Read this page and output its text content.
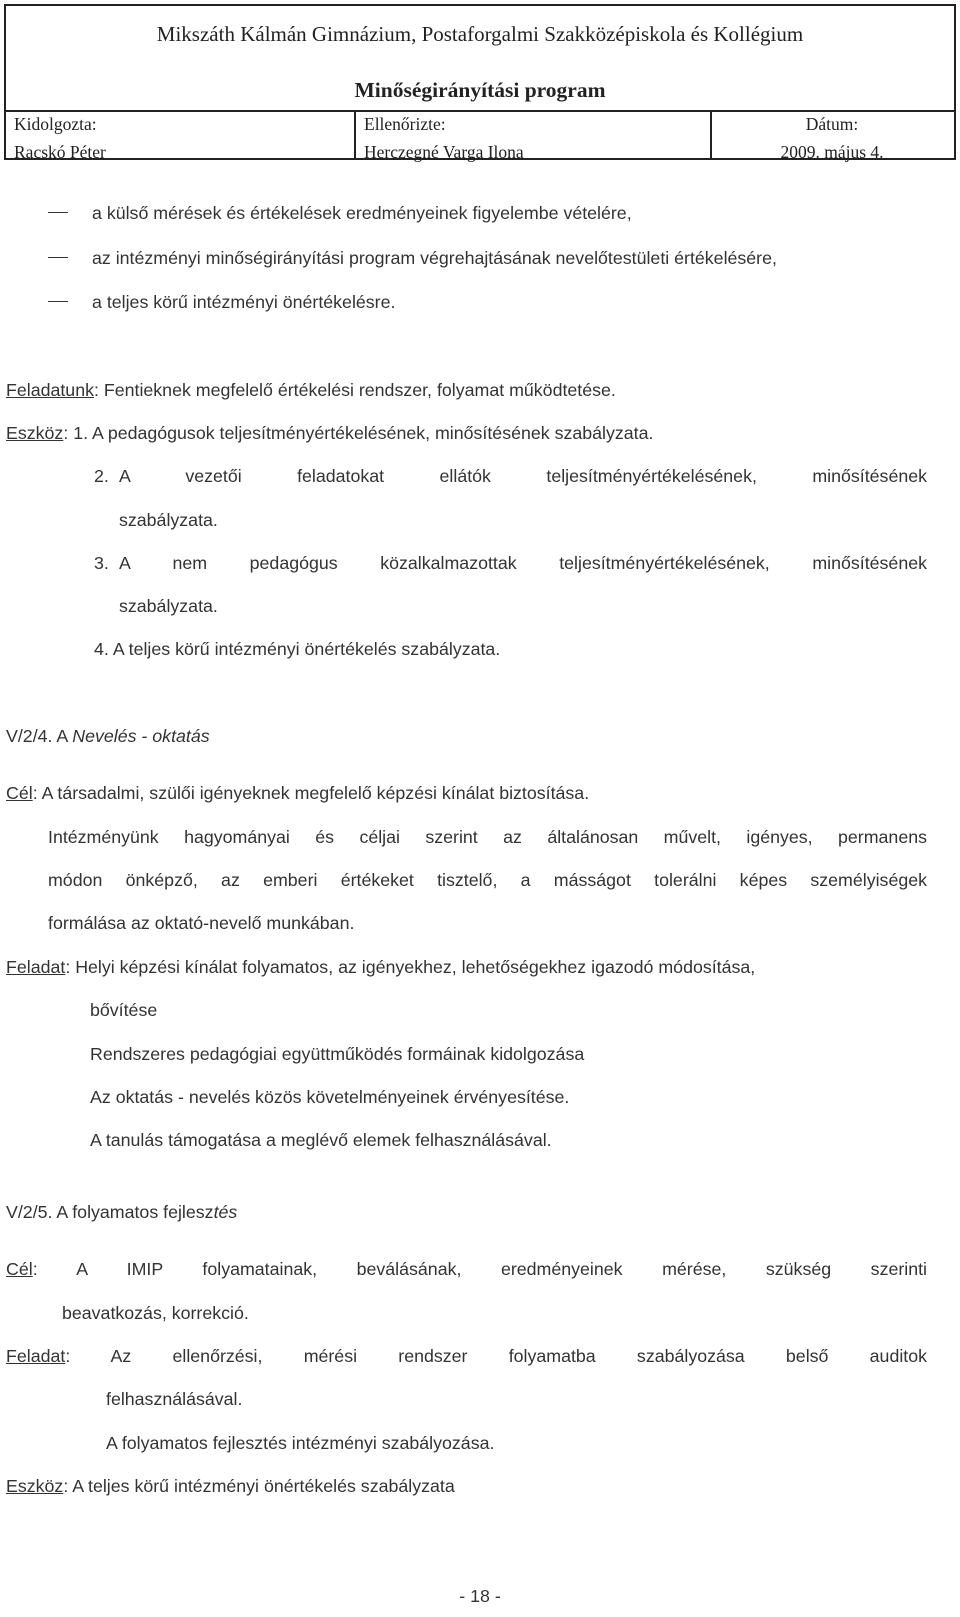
Mikszáth Kálmán Gimnázium, Postaforgalmi Szakközépiskola és Kollégium
Minőségirányítási program
Kidolgozta:
Racskó Péter
Ellenőrizte:
Herczegné Varga Ilona
Dátum:
2009. május 4.
a külső mérések és értékelések eredményeinek figyelembe vételére,
az intézményi minőségirányítási program végrehajtásának nevelőtestületi értékelésére,
a teljes körű intézményi önértékelésre.
Feladatunk: Fentieknek megfelelő értékelési rendszer, folyamat működtetése.
Eszköz: 1. A pedagógusok teljesítményértékelésének, minősítésének szabályzata.
2. A vezetői feladatokat ellátók teljesítményértékelésének, minősítésének
szabályzata.
3. A nem pedagógus közalkalmazottak teljesítményértékelésének, minősítésének
szabályzata.
4. A teljes körű intézményi önértékelés szabályzata.
V/2/4. A Nevelés - oktatás
Cél: A társadalmi, szülői igényeknek megfelelő képzési kínálat biztosítása.
Intézményünk hagyományai és céljai szerint az általánosan művelt, igényes, permanens
módon önképző, az emberi értékeket tisztelő, a másságot tolerálni képes személyiségek
formálása az oktató-nevelő munkában.
Feladat: Helyi képzési kínálat folyamatos, az igényekhez, lehetőségekhez igazodó módosítása,
bővítése
Rendszeres pedagógiai együttműködés formáinak kidolgozása
Az oktatás - nevelés közös követelményeinek érvényesítése.
A tanulás támogatása a meglévő elemek felhasználásával.
V/2/5. A folyamatos fejlesztés
Cél: A IMIP folyamatainak, beválásának, eredményeinek mérése, szükség szerinti
beavatkozás, korrekció.
Feladat: Az ellenőrzési, mérési rendszer folyamatba szabályozása belső auditok
felhasználásával.
A folyamatos fejlesztés intézményi szabályozása.
Eszköz: A teljes körű intézményi önértékelés szabályzata
- 18 -
